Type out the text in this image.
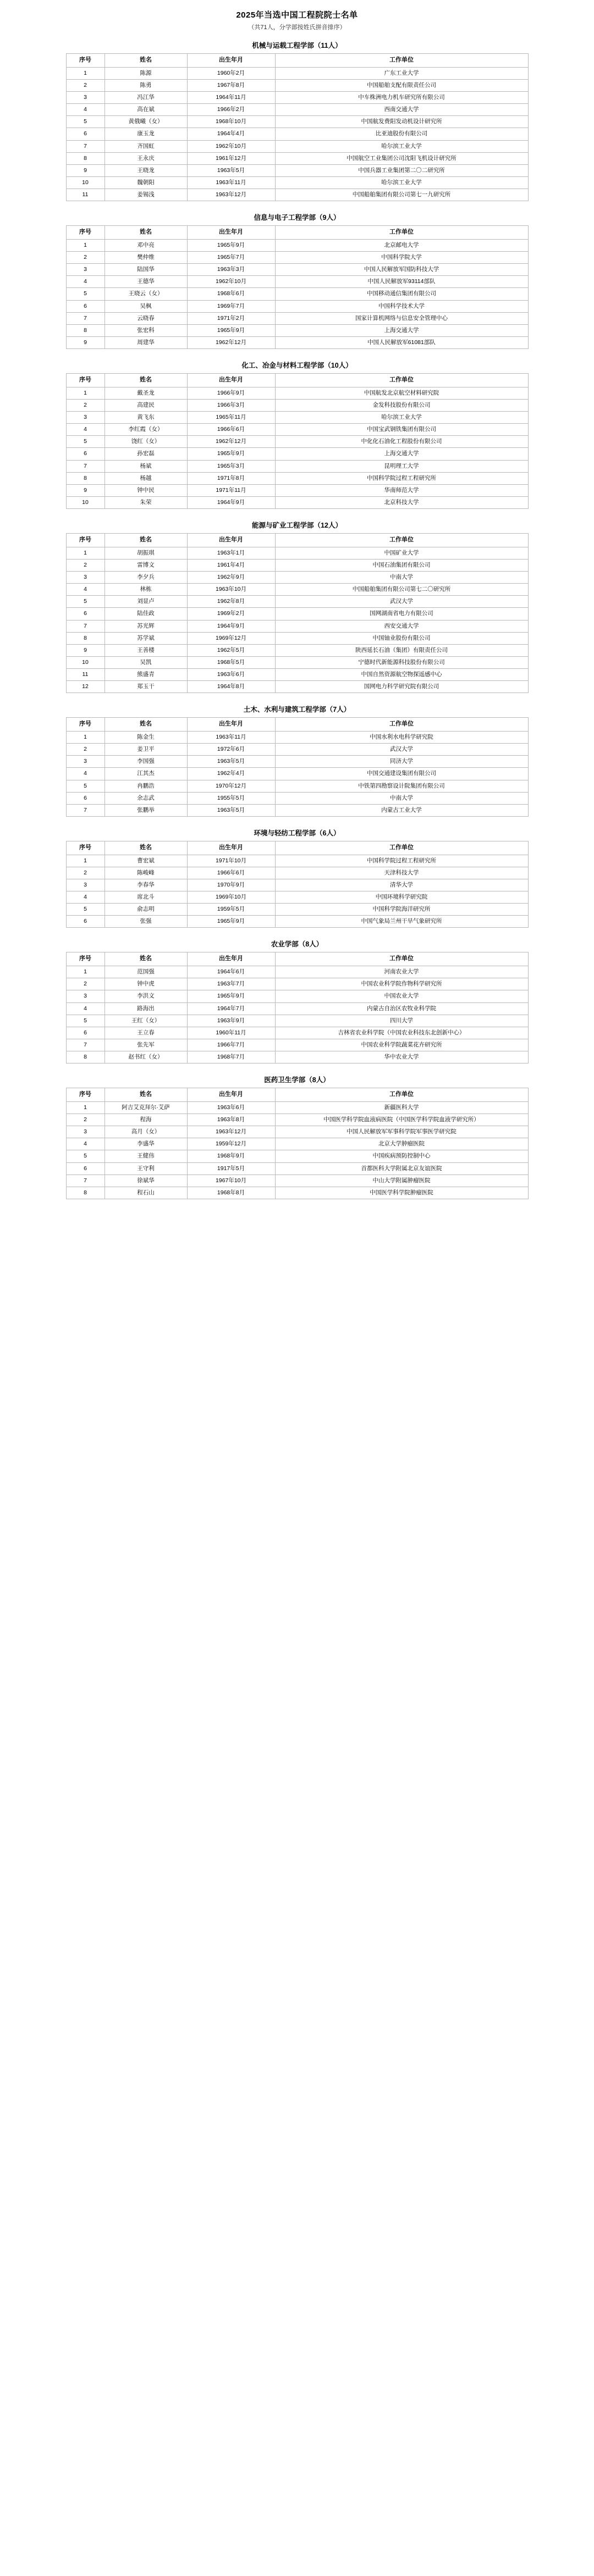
2025年当选中国工程院院士名单
（共71人，分学部按姓氏拼音排序）
机械与运载工程学部（11人）
序号	姓名	出生年月	工作单位
1	陈源	1960年2月	广东工业大学
2	陈勇	1967年8月	中国船舶支配有限责任公司
3	冯江华	1964年11月	中车株洲电力机车研究所有限公司
4	高在斌	1966年2月	西南交通大学
5	黄俄曦（女）	1968年10月	中国航发费阳发动机设计研究所
6	康玉龙	1964年4月	比亚迪股份有限公司
7	齐国虹	1962年10月	哈尔滨工业大学
8	王永庆	1961年12月	中国航空工业集团公司沈阳飞机设计研究所
9	王晓龙	1963年5月	中国兵器工业集团第二〇二研究所
10	魏朝阳	1963年11月	哈尔滨工业大学
11	姜锡浅	1963年12月	中国船舶集团有限公司第七一九研究所
信息与电子工程学部（9人）
序号	姓名	出生年月	工作单位
1	邓中亮	1965年9月	北京邮电大学
2	樊仲维	1965年7月	中国科学院大学
3	陆国华	1963年3月	中国人民解放军国防科技大学
4	王德华	1962年10月	中国人民解放军93114部队
5	王晓云（女）	1968年6月	中国移动通信集团有限公司
6	吴枫	1969年7月	中国科学技术大学
7	云晓春	1971年2月	国家计算机网络与信息安全管理中心
8	张宏科	1965年9月	上海交通大学
9	周建华	1962年12月	中国人民解放军61081部队
化工、冶金与材料工程学部（10人）
序号	姓名	出生年月	工作单位
1	戴圣龙	1966年9月	中国航发北京航空材料研究院
2	高建民	1966年3月	金发科技股份有限公司
3	黄飞东	1965年11月	哈尔滨工业大学
4	李红霞（女）	1966年6月	中国宝武钢铁集团有限公司
5	饶红（女）	1962年12月	中化化石油化工程股份有限公司
6	孙宏磊	1965年9月	上海交通大学
7	杨斌	1965年3月	昆明理工大学
8	杨越	1971年8月	中国科学院过程工程研究所
9	钟中民	1971年11月	华南师范大学
10	朱荣	1964年9月	北京科技大学
能源与矿业工程学部（12人）
序号	姓名	出生年月	工作单位
1	胡振琪	1963年1月	中国矿业大学
2	雷博文	1961年4月	中国石油集团有限公司
3	李夕兵	1962年9月	中南大学
4	林栋	1963年10月	中国船舶集团有限公司第七二〇研究所
5	刘显卢	1962年8月	武汉大学
6	陆佳政	1969年2月	国网湖南省电力有限公司
7	苏光辉	1964年9月	西安交通大学
8	苏学斌	1969年12月	中国铀业股份有限公司
9	王善楼	1962年5月	陕西延长石油（集团）有限责任公司
10	吴凯	1968年5月	宁德时代新能源科技股份有限公司
11	熊盛青	1963年6月	中国自然资源航空物探遥感中心
12	郑玉干	1964年8月	国网电力科学研究院有限公司
土木、水利与建筑工程学部（7人）
序号	姓名	出生年月	工作单位
1	陈金生	1963年11月	中国水利水电科学研究院
2	姜卫平	1972年6月	武汉大学
3	李国强	1963年5月	同济大学
4	江其杰	1962年4月	中国交通建设集团有限公司
5	冉鹏浩	1970年12月	中铁第四勘察设计院集团有限公司
6	余志武	1955年5月	中南大学
7	张鹏举	1963年5月	内蒙古工业大学
环境与轻纺工程学部（6人）
序号	姓名	出生年月	工作单位
1	曹宏斌	1971年10月	中国科学院过程工程研究所
2	陈峻峰	1966年6月	天津科技大学
3	李春华	1970年9月	清华大学
4	席北斗	1969年10月	中国环境科学研究院
5	俞志明	1959年5月	中国科学院海洋研究所
6	张强	1965年9月	中国气象局兰州干旱气象研究所
农业学部（8人）
序号	姓名	出生年月	工作单位
1	范国强	1964年6月	河南农业大学
2	钟中虎	1963年7月	中国农业科学院作物科学研究所
3	李洪文	1965年9月	中国农业大学
4	路海出	1964年7月	内蒙古自治区农牧业科学院
5	王红（女）	1963年9月	四川大学
6	王立春	1960年11月	吉林省农业科学院（中国农业科技东北创新中心）
7	张先军	1966年7月	中国农业科学院蔬菜花卉研究所
8	赵书红（女）	1968年7月	华中农业大学
医药卫生学部（8人）
序号	姓名	出生年月	工作单位
1	阿吉艾克拜尔·艾萨	1963年6月	新疆医科大学
2	程海	1963年8月	中国医学科学院血液病医院（中国医学科学院血液学研究所）
3	高月（女）	1963年12月	中国人民解放军军事科学院军事医学研究院
4	李盛华	1959年12月	北京大学肿瘤医院
5	王健伟	1968年9月	中国疾病预防控制中心
6	王守利	1917年5月	首都医科大学附属北京友谊医院
7	徐斌华	1967年10月	中山大学附属肿瘤医院
8	程石山	1968年8月	中国医学科学院肿瘤医院
